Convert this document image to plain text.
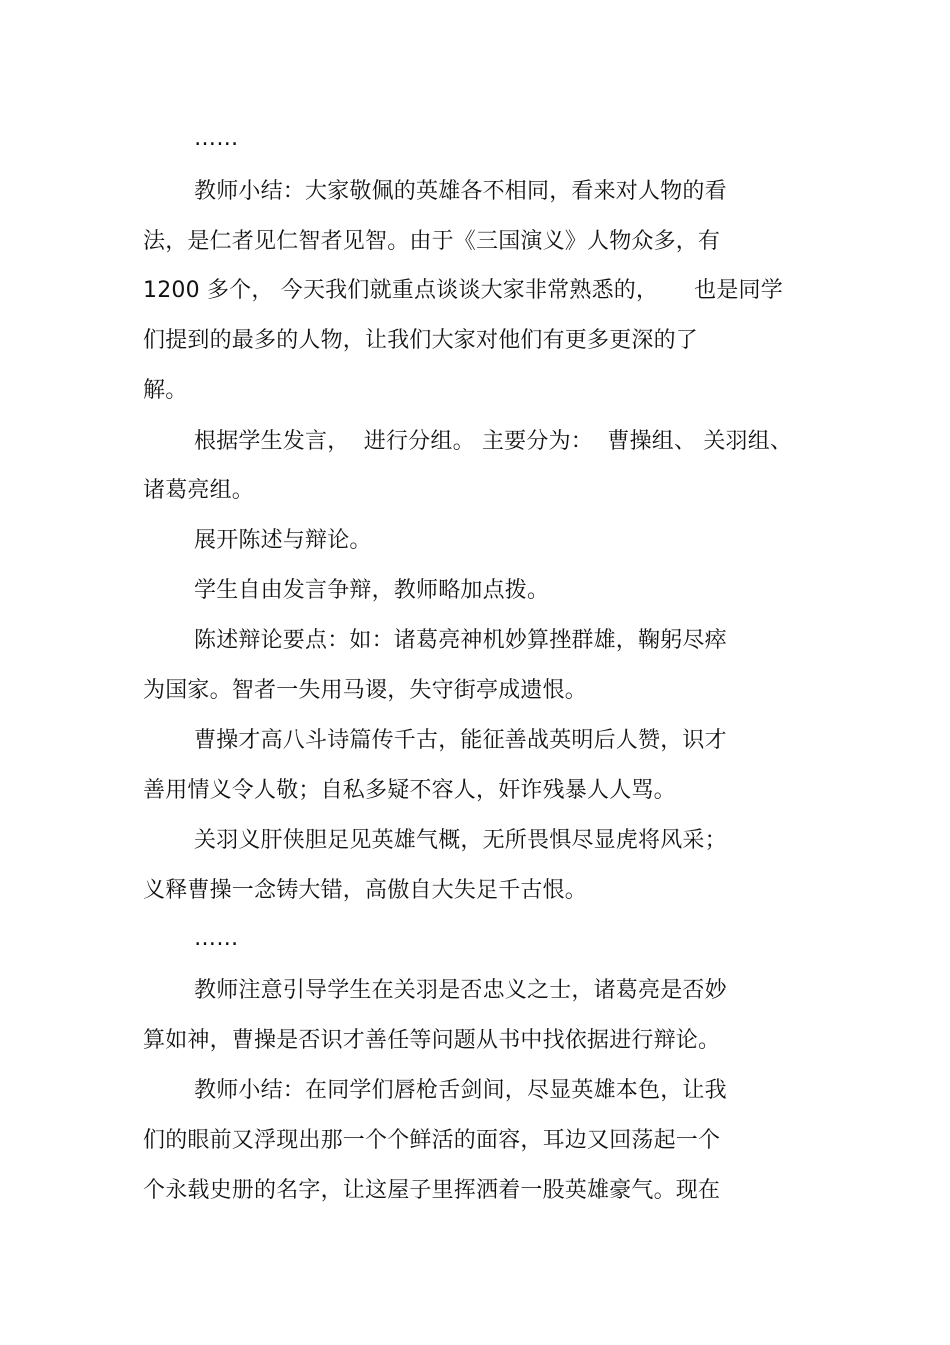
……
教师小结：大家敬佩的英雄各不相同，看来对人物的看
法，是仁者见仁智者见智。由于《三国演义》人物众多，有
1200 多个， 今天我们就重点谈谈大家非常熟悉的，     也是同学
们提到的最多的人物，让我们大家对他们有更多更深的了
解。
根据学生发言，  进行分组。 主要分为：  曹操组、 关羽组、
诸葛亮组。
展开陈述与辩论。
学生自由发言争辩，教师略加点拨。
陈述辩论要点：如：诸葛亮神机妙算挫群雄，鞠躬尽瘁
为国家。智者一失用马谡，失守街亭成遗恨。
曹操才高八斗诗篇传千古，能征善战英明后人赞，识才
善用情义令人敬；自私多疑不容人，奸诈残暴人人骂。
关羽义肝侠胆足见英雄气概，无所畏惧尽显虎将风采；
义释曹操一念铸大错，高傲自大失足千古恨。
……
教师注意引导学生在关羽是否忠义之士，诸葛亮是否妙
算如神，曹操是否识才善任等问题从书中找依据进行辩论。
教师小结：在同学们唇枪舌剑间，尽显英雄本色，让我
们的眼前又浮现出那一个个鲜活的面容，耳边又回荡起一个
个永载史册的名字，让这屋子里挥洒着一股英雄豪气。现在
